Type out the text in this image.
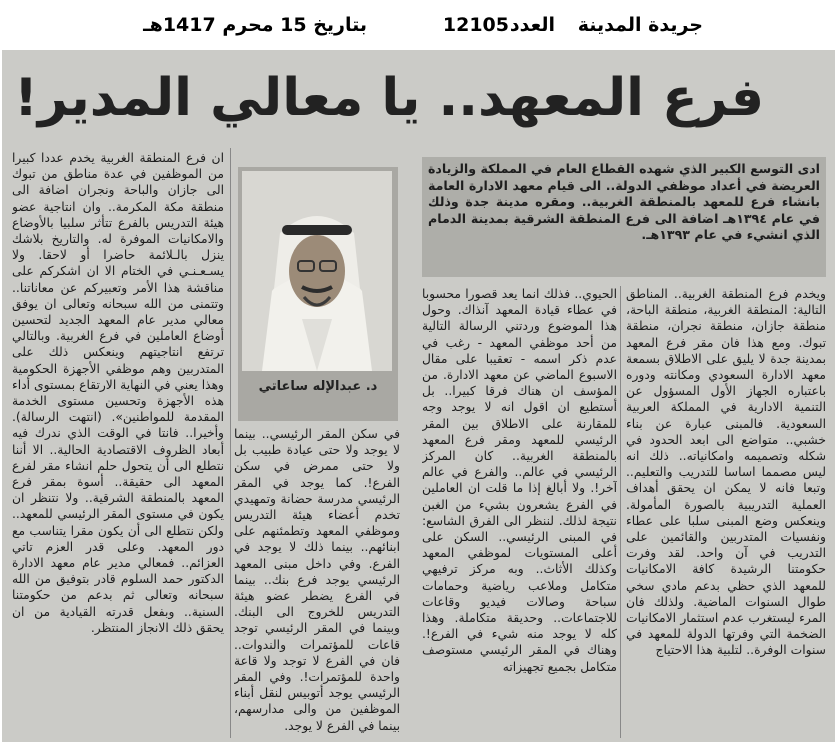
جريدة المدينة
العدد
12105
بتاريخ 15 محرم 1417هـ
فرع المعهد.. يا معالي المدير!
ادى التوسع الكبير الذي شهده القطاع العام في المملكة والزيادة العريضة في أعداد موظفي الدولة.. الى قيام معهد الادارة العامة بانشاء فرع للمعهد بالمنطقة الغربية.. ومقره مدينة جدة وذلك في عام ١٣٩٤هـ اضافة الى فرع المنطقة الشرقية بمدينة الدمام الذي انشيء في عام ١٣٩٣هـ.
ان فرع المنطقة الغربية يخدم عددا كبيرا من الموظفين في عدة مناطق من تبوك الى جازان والباحة ونجران اضافة الى منطقة مكة المكرمة.. وان انتاجية عضو هيئة التدريس بالفرع تتأثر سلبيا بالأوضاع والامكانيات الموفرة له. والتاريخ بلاشك ينزل بالـلائمة حاضرا أو لاحقا. ولا يسـعـنـي في الختام الا ان اشكركم على مناقشة هذا الأمر وتعبيركم عن معاناتنا.. وتتمنى من الله سبحانه وتعالى ان يوفق معالي مدير عام المعهد الجديد لتحسين أوضاع العاملين في فرع الغربية. وبالتالي ترتفع انتاجيتهم وينعكس ذلك على المتدربين وهم موظفي الأجهزة الحكومية وهذا يعني في النهاية الارتقاع بمستوى أداء هذه الأجهزة وتحسين مستوى الخدمة المقدمة للمواطنين». (انتهت الرسالة). وأخيرا.. فانتا في الوقت الذي ندرك فيه أبعاد الظروف الاقتصادية الحالية.. الا أننا نتطلع الى أن يتحول حلم انشاء مقر لفرع المعهد الى حقيقة.. أسوة بمقر فرع المعهد بالمنطقة الشرقية.. ولا نتنظر ان يكون في مستوى المقر الرئيسي للمعهد.. ولكن نتطلع الى أن يكون مقرا يتناسب مع دور المعهد. وعلى قدر العزم تاتي العزائم.. فمعالي مدير عام معهد الادارة الدكتور حمد السلوم قادر بتوفيق من الله سبحانه وتعالى ثم بدعم من حكومتنا السنية.. وبفعل قدرته القيادية من ان يحقق ذلك الانجاز المنتظر.
د. عبدالإله ساعاتي
في سكن المقر الرئيسي.. بينما لا يوجد ولا حتى عيادة طبيب بل ولا حتى ممرض في سكن الفرع!. كما يوجد في المقر الرئيسي مدرسة حضانة وتمهيدي تخدم أعضاء هيئة التدريس وموظفي المعهد وتطمئنهم على ابنائهم.. بينما ذلك لا يوجد في الفرع. وفي داخل مبنى المعهد الرئيسي يوجد فرع بنك.. بينما في الفرع يضطر عضو هيئة التدريس للخروج الى البنك. وبينما في المقر الرئيسي توجد قاعات للمؤتمرات والندوات.. فان في الفرع لا توجد ولا قاعة واحدة للمؤتمرات!. وفي المقر الرئيسي يوجد أتوبيس لنقل أبناء الموظفين من والى مدارسهم، بينما في الفرع لا يوجد.
الحيوي.. فذلك انما يعد قصورا محسوبا في عطاء قيادة المعهد آنذاك. وحول هذا الموضوع وردتني الرسالة التالية من أحد موظفي المعهد - رغب في عدم ذكر اسمه - تعقيبا على مقال الاسبوع الماضي عن معهد الادارة. من المؤسف ان هناك فرقا كبيرا.. بل أستطيع ان اقول انه لا يوجد وجه للمقارنة على الاطلاق بين المقر الرئيسي للمعهد ومقر فرع المعهد بالمنطقة الغربية.. كان المركز الرئيسي في عالم.. والفرع في عالم آخر!. ولا أبالغ إذا ما قلت ان العاملين في الفرع يشعرون بشيء من الغبن نتيجة لذلك. لننظر الى الفرق الشاسع: في المبنى الرئيسي.. السكن على أعلى المستويات لموظفي المعهد وكذلك الأثاث.. وبه مركز ترفيهي متكامل وملاعب رياضية وحمامات سباحة وصالات فيديو وقاعات للاجتماعات.. وحديقة متكاملة. وهذا كله لا يوجد منه شيء في الفرع!. وهناك في المقر الرئيسي مستوصف متكامل بجميع تجهيزاته
ويخدم فرع المنطقة الغربية.. المناطق التالية: المنطقة الغربية، منطقة الباحة، منطقة جازان، منطقة نجران، منطقة تبوك. ومع هذا فان مقر فرع المعهد بمدينة جدة لا يليق على الاطلاق بسمعة معهد الادارة السعودي ومكانته ودوره باعتباره الجهاز الأول المسؤول عن التنمية الادارية في المملكة العربية السعودية. فالمبنى عبارة عن بناء خشبي.. متواضع الى ابعد الحدود في شكله وتصميمه وامكانياته.. ذلك انه ليس مصمما اساسا للتدريب والتعليم.. وتبعا فانه لا يمكن ان يحقق أهداف العملية التدريبية بالصورة المأمولة. وينعكس وضع المبنى سلبا على عطاء ونفسيات المتدربين والقائمين على التدريب في آن واحد. لقد وفرت حكومتنا الرشيدة كافة الامكانيات للمعهد الذي حظي بدعم مادي سخي طوال السنوات الماضية. ولذلك فان المرء ليستغرب عدم استثمار الامكانيات الضخمة التي وفرتها الدولة للمعهد في سنوات الوفرة.. لتلبية هذا الاحتياج
